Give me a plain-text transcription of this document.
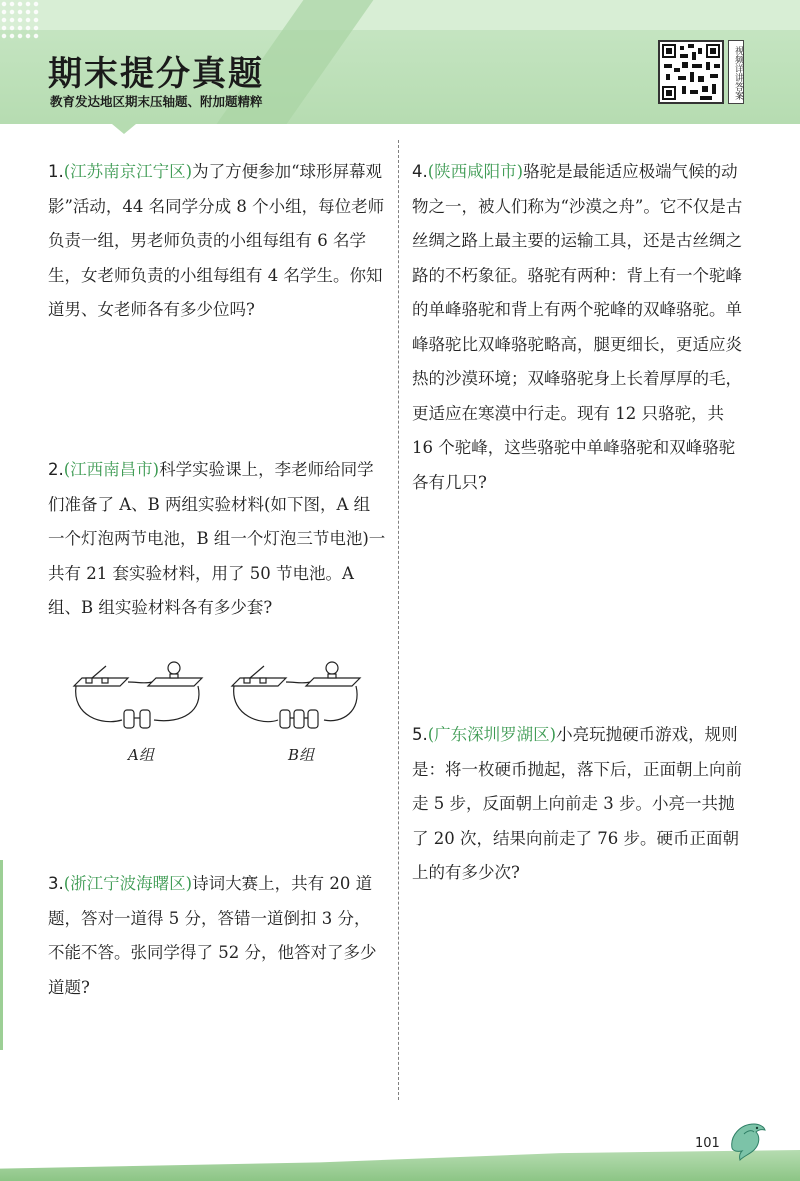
期末提分真题
教育发达地区期末压轴题、附加题精粹
视频详讲答案

1.(江苏南京江宁区)为了方便参加“球形屏幕观影”活动，44 名同学分成 8 个小组，每位老师负责一组，男老师负责的小组每组有 6 名学生，女老师负责的小组每组有 4 名学生。你知道男、女老师各有多少位吗?

2.(江西南昌市)科学实验课上，李老师给同学们准备了 A、B 两组实验材料(如下图，A 组一个灯泡两节电池，B 组一个灯泡三节电池)一共有 21 套实验材料，用了 50 节电池。A 组、B 组实验材料各有多少套?

A组	B组

3.(浙江宁波海曙区)诗词大赛上，共有 20 道题，答对一道得 5 分，答错一道倒扣 3 分，不能不答。张同学得了 52 分，他答对了多少道题?

4.(陕西咸阳市)骆驼是最能适应极端气候的动物之一，被人们称为“沙漠之舟”。它不仅是古丝绸之路上最主要的运输工具，还是古丝绸之路的不朽象征。骆驼有两种：背上有一个驼峰的单峰骆驼和背上有两个驼峰的双峰骆驼。单峰骆驼比双峰骆驼略高，腿更细长，更适应炎热的沙漠环境；双峰骆驼身上长着厚厚的毛，更适应在寒漠中行走。现有 12 只骆驼，共 16 个驼峰，这些骆驼中单峰骆驼和双峰骆驼各有几只?

5.(广东深圳罗湖区)小亮玩抛硬币游戏，规则是：将一枚硬币抛起，落下后，正面朝上向前走 5 步，反面朝上向前走 3 步。小亮一共抛了 20 次，结果向前走了 76 步。硬币正面朝上的有多少次?

101
